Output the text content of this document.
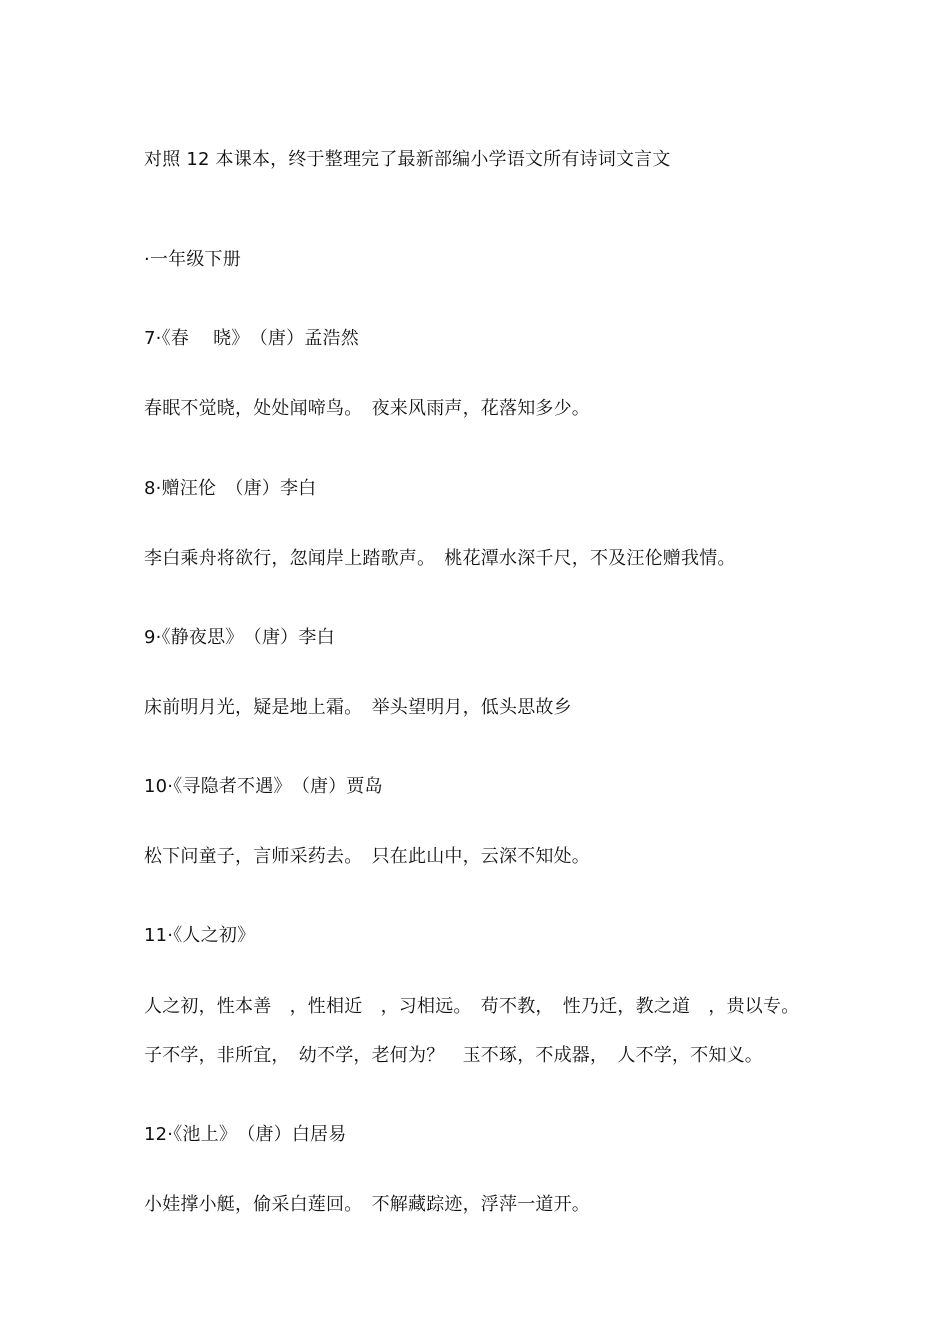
对照 12 本课本，终于整理完了最新部编小学语文所有诗词文言文
·一年级下册
7·《春　 晓》　（唐）孟浩然
春眠不觉晓，处处闻啼鸟。　夜来风雨声，花落知多少。
8·赠汪伦　（唐）李白
李白乘舟将欲行，忽闻岸上踏歌声。　桃花潭水深千尺，不及汪伦赠我情。
9·《静夜思》　（唐）李白
床前明月光，疑是地上霜。　举头望明月，低头思故乡
10·《寻隐者不遇》　（唐）贾岛
松下问童子，言师采药去。　只在此山中，云深不知处。
11·《人之初》
人之初，性本善　，性相近　，习相远。　苟不教，　性乃迁，教之道　，贵以专。
子不学，非所宜，　幼不学，老何为？　玉不琢，不成器，　人不学，不知义。
12·《池上》　（唐）白居易
小娃撑小艇，偷采白莲回。　不解藏踪迹，浮萍一道开。
